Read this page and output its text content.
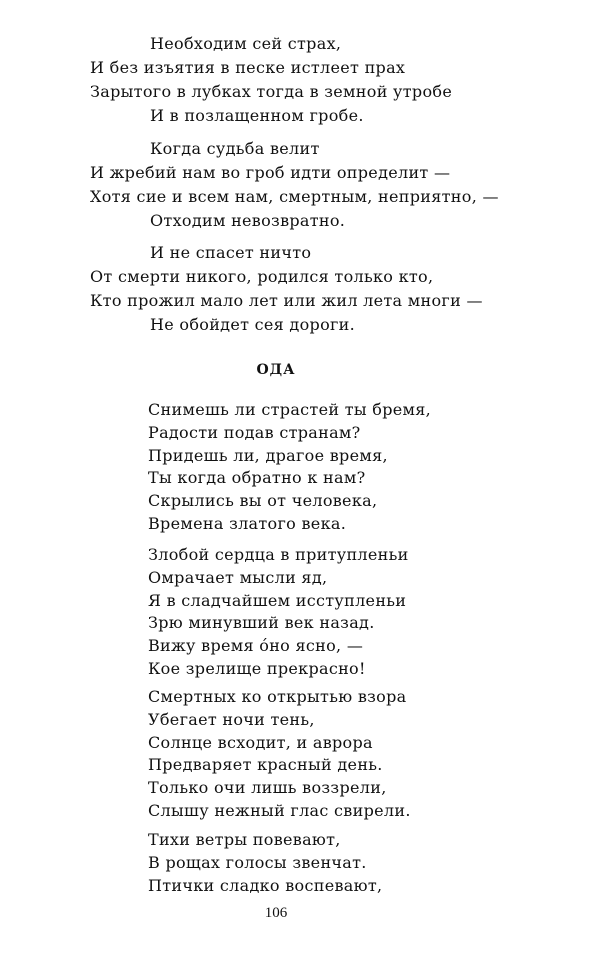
Необходим сей страх,
И без изъятия в песке истлеет прах
Зарытого в лубках тогда в земной утробе
И в позлащенном гробе.
Когда судьба велит
И жребий нам во гроб идти определит —
Хотя сие и всем нам, смертным, неприятно, —
Отходим невозвратно.
И не спасет ничто
От смерти никого, родился только кто,
Кто прожил мало лет или жил лета многи —
Не обойдет сея дороги.
ОДА
Снимешь ли страстей ты бремя,
Радости подав странам?
Придешь ли, драгое время,
Ты когда обратно к нам?
Скрылись вы от человека,
Времена златого века.
Злобой сердца в притупленьи
Омрачает мысли яд,
Я в сладчайшем исступленьи
Зрю минувший век назад.
Вижу время óно ясно, —
Кое зрелище прекрасно!
Смертных ко открытью взора
Убегает ночи тень,
Солнце всходит, и аврора
Предваряет красный день.
Только очи лишь воззрели,
Слышу нежный глас свирели.
Тихи ветры повевают,
В рощах голосы звенчат.
Птички сладко воспевают,
106
